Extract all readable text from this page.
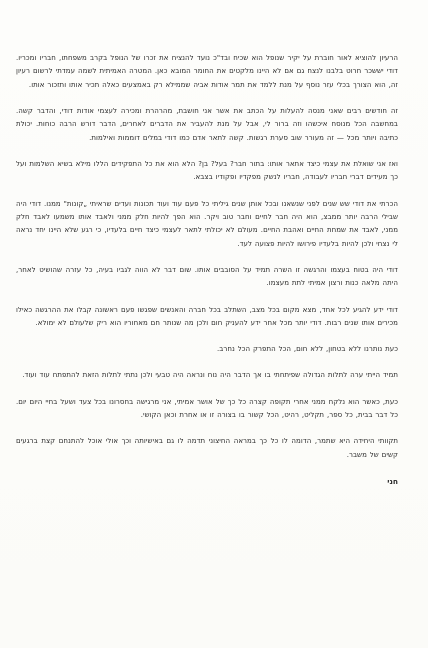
הרעיון להוציא לאור חוברת על יקיר שנופל הוא שכיח ובד"כ נועד להנציח את זכרו של הנופל בקרב משפחתו, חבריו ומכריו. דודי יששכר חרוט בלבנו לנצח גם אם לא היינו מלקטים את החומר המובא כאן. המטרה האמיתית לשמה עמדתי לרשום רעיון זה, הוא הצורך בכלי עזר נוסף על מנת ללמד את תמר אודות אביה שממילא רק באמצעים כאלה תכיר אותו ותזכור אותו.

זה חודשים רבים שאני מנסה להעלות על הכתב את אשר אני חושבת, מהרהרת ומכירה לעצמי אודות דודי, והדבר קשה. במחשבה הכל מנוסח איכשהו וזה ברור לי, אבל על מנת להעביר את הדברים לאחרים, הדבר דורש הרבה כוחות. יכולת כתיבה ויותר מכל — זה מעורר שוב סערת רגשות. קשה לתאר אדם כמו דודי במלים דוממות ואילמות.

ואז אני שואלת את עצמי כיצד אתאר אותו: בתור חבר? בעל? בן? הלא הוא את כל התפקידים הללו מילא בשיא השלמות ועל כך מעידים דברי חבריו לעבודה, חבריו לנשק מפקדיו ופקודיו בצבא.

הכרתי את דודי שש שנים לפני שנשאנו ובכל אותן שנים גיליתי כל פעם עוד ועוד תכונות ועדים שראיתי „קונות" ממנו. דודי היה שבילי הרבה יותר ממבצ, הוא היה חבר לחיים וחבר טוב ויקר. הוא הפך להיות חלק ממני ולאבד אותו משמעו לאבד חלק ממני, לאבד את שמחת החיים ואהבת החיים. מעולם לא יכולתי לתאר לעצמי כיצד חיים בלעדיו, כי רגע שלא היינו יחד נראה לי נצחי ולכן להיות בלעדיו פירושו להיות פצועה לעד.

דודי היה בטוח בעצמו והרגשה זו השרה תמיד על הסובבים אותו. שום דבר לא הווה לגביו בעיה, כל עזרה שהושיט לאחר, היתה מלאה כנות ורצון אמיתי לתת מעצמו.

דודי ידע להגיע לכל אחד, מצא מקום בכל מצב, השתלב בכל חברה והאנשים שפגשו פעם ראשונה קבלו את ההרגשה כאילו מכירים אותו שנים רבות. דודי יותר מכל אחר ידע להעניק חום ולכן מה שנותר חם מאחוריו הוא ריק שלעולם לא ימולא.

כעת נותרנו ללא בטחון, ללא חום, הכל התפרק הכל נחרב.

תמיד הייתי ערה לתלות הגדולה שפיתחתי בו אך הדבר היה נוח ונראה היה טבעי ולכן נתתי לתלות הזאת להתפתח עוד ועוד.

כעת, כאשר הוא נלקח ממני אחרי תקופה קצרה כל כך של אושר אמיתי, אני מרגישה בחסרונו בכל צעד ושעל בחיי היום יום. כל דבר בבית, כל ספר, תקליט, רהיט, הכל קשור בו בצורה זו או אחרת וכאן הקושי.

תקוותי היחידה היא שתמר, הדומה לו כל כך במראה החיצוני תדמה לו גם באישיותה וכך אולי אוכל להתנחם קצת ברגעים קשים של משבר.

חני
